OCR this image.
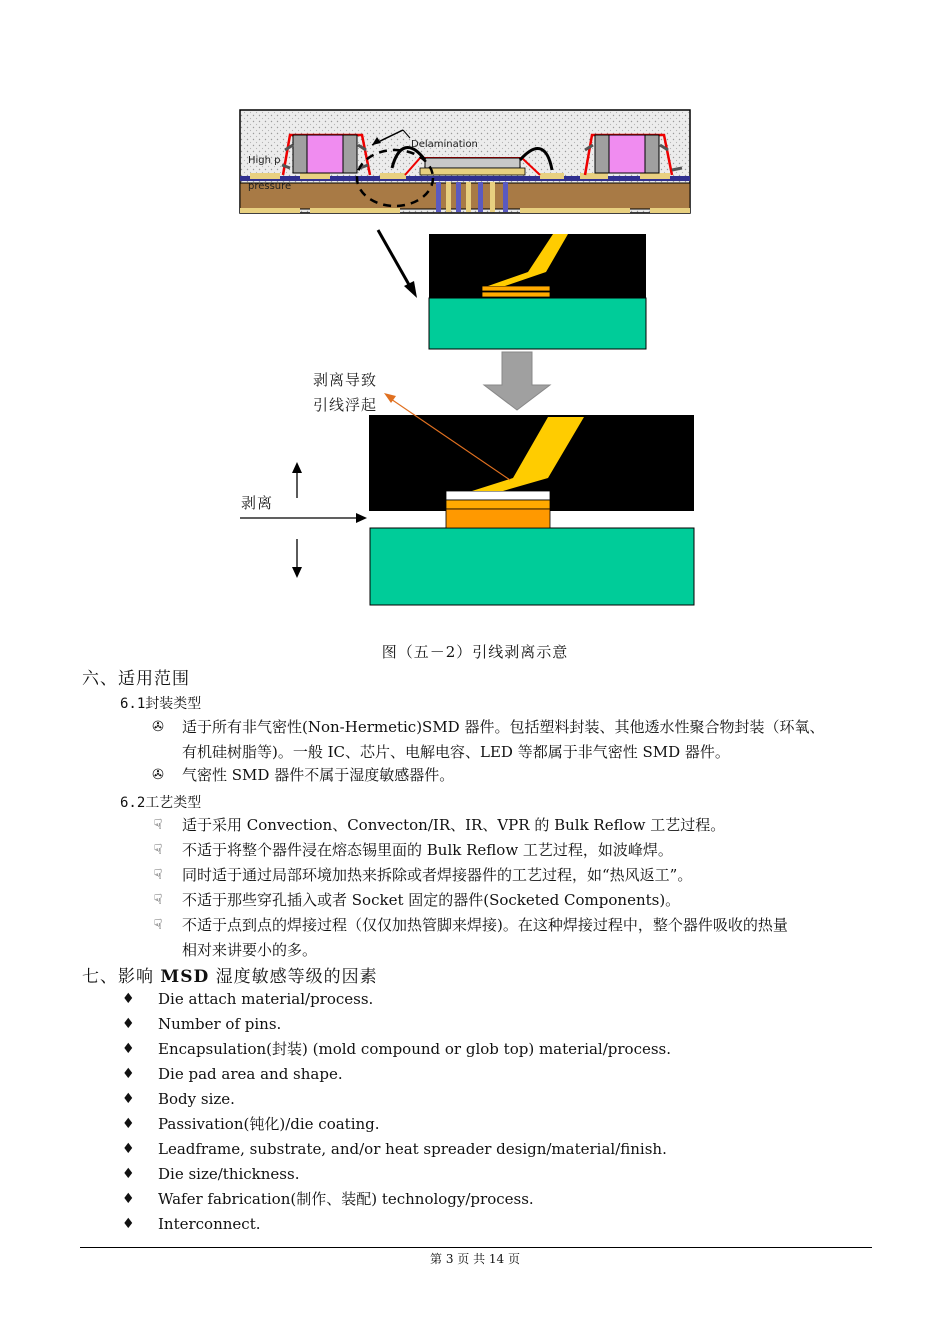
Delamination
High p
pressure
剥离导致
引线浮起
剥离
图（五－2）引线剥离示意
六、适用范围
6.1封装类型
✇ 适于所有非气密性(Non-Hermetic)SMD 器件。包括塑料封装、其他透水性聚合物封装（环氧、
有机硅树脂等)。一般 IC、芯片、电解电容、LED 等都属于非气密性 SMD 器件。
✇ 气密性 SMD 器件不属于湿度敏感器件。
6.2工艺类型
☟	适于采用 Convection、Convecton/IR、IR、VPR 的 Bulk Reflow 工艺过程。
☟	不适于将整个器件浸在熔态锡里面的 Bulk Reflow 工艺过程，如波峰焊。
☟	同时适于通过局部环境加热来拆除或者焊接器件的工艺过程，如“热风返工”。
☟	不适于那些穿孔插入或者 Socket 固定的器件(Socketed Components)。
☟	不适于点到点的焊接过程（仅仅加热管脚来焊接)。在这种焊接过程中，整个器件吸收的热量
相对来讲要小的多。
七、影响 MSD 湿度敏感等级的因素
♦ Die attach material/process.
♦ Number of pins.
♦ Encapsulation(封装) (mold compound or glob top) material/process.
♦ Die pad area and shape.
♦ Body size.
♦ Passivation(钝化)/die coating.
♦ Leadframe, substrate, and/or heat spreader design/material/finish.
♦ Die size/thickness.
♦ Wafer fabrication(制作、装配) technology/process.
♦ Interconnect.
第 3 页 共 14 页
